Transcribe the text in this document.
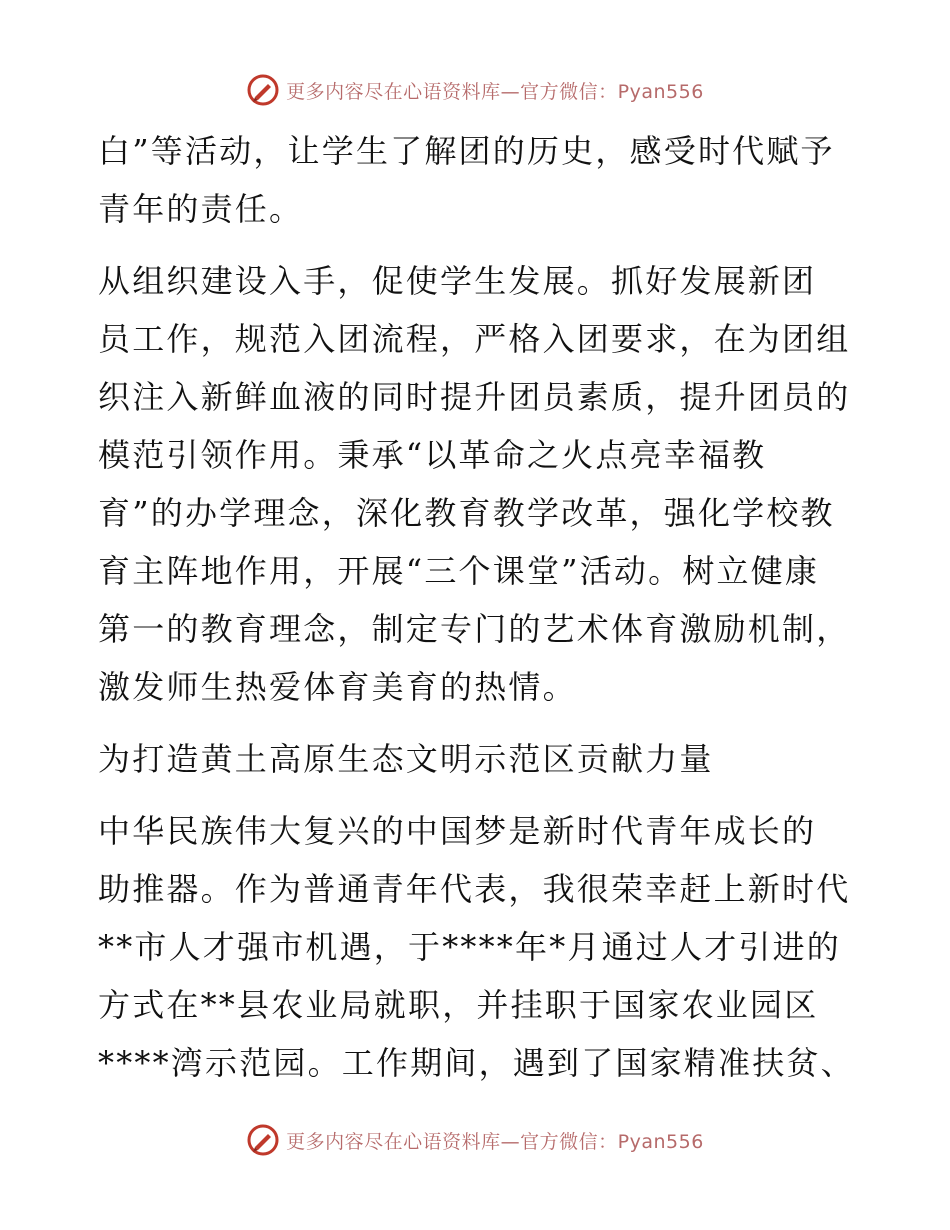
更多内容尽在心语资料库—官方微信：Pyan556

白”等活动，让学生了解团的历史，感受时代赋予
青年的责任。

从组织建设入手，促使学生发展。抓好发展新团
员工作，规范入团流程，严格入团要求，在为团组
织注入新鲜血液的同时提升团员素质，提升团员的
模范引领作用。秉承“以革命之火点亮幸福教
育”的办学理念，深化教育教学改革，强化学校教
育主阵地作用，开展“三个课堂”活动。树立健康
第一的教育理念，制定专门的艺术体育激励机制，
激发师生热爱体育美育的热情。

为打造黄土高原生态文明示范区贡献力量

中华民族伟大复兴的中国梦是新时代青年成长的
助推器。作为普通青年代表，我很荣幸赶上新时代
**市人才强市机遇，于****年*月通过人才引进的
方式在**县农业局就职，并挂职于国家农业园区
****湾示范园。工作期间，遇到了国家精准扶贫、

更多内容尽在心语资料库—官方微信：Pyan556
